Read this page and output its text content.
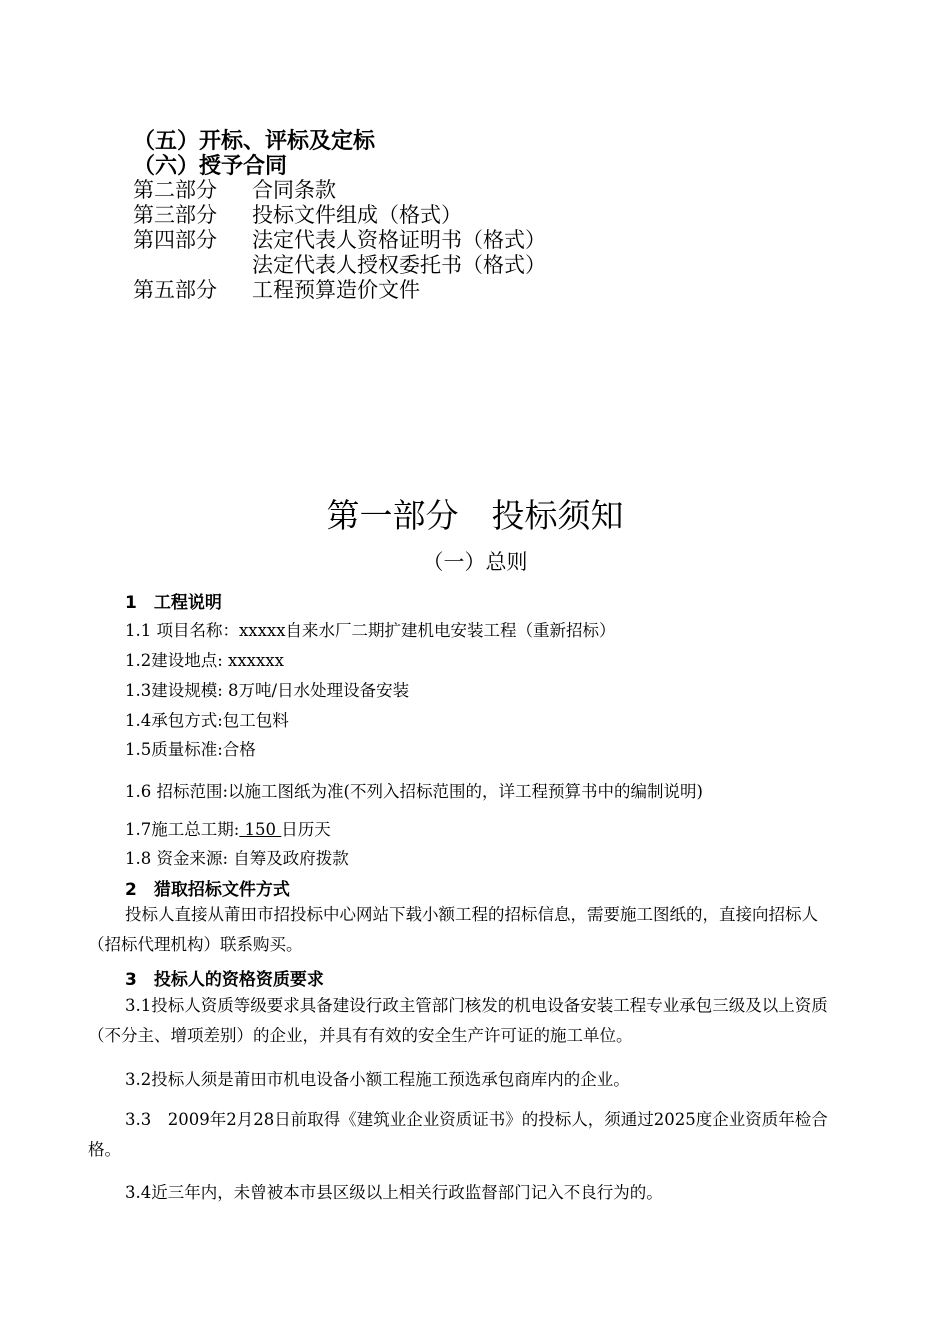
（五）开标、评标及定标
（六）授予合同
第二部分 合同条款
第三部分 投标文件组成（格式）
第四部分 法定代表人资格证明书（格式）
法定代表人授权委托书（格式）
第五部分 工程预算造价文件
第一部分　投标须知
（一）总则
1　工程说明
1.1 项目名称：xxxxx自来水厂二期扩建机电安装工程（重新招标）
1.2建设地点: xxxxxx
1.3建设规模: 8万吨/日水处理设备安装
1.4承包方式:包工包料
1.5质量标准:合格
1.6 招标范围:以施工图纸为准(不列入招标范围的，详工程预算书中的编制说明)
1.7施工总工期: 150 日历天
1.8 资金来源: 自筹及政府拨款
2　猎取招标文件方式
投标人直接从莆田市招投标中心网站下载小额工程的招标信息，需要施工图纸的，直接向招标人（招标代理机构）联系购买。
3　投标人的资格资质要求
3.1投标人资质等级要求具备建设行政主管部门核发的机电设备安装工程专业承包三级及以上资质（不分主、增项差别）的企业，并具有有效的安全生产许可证的施工单位。
3.2投标人须是莆田市机电设备小额工程施工预选承包商库内的企业。
3.3　2009年2月28日前取得《建筑业企业资质证书》的投标人，须通过2025度企业资质年检合格。
3.4近三年内，未曾被本市县区级以上相关行政监督部门记入不良行为的。
